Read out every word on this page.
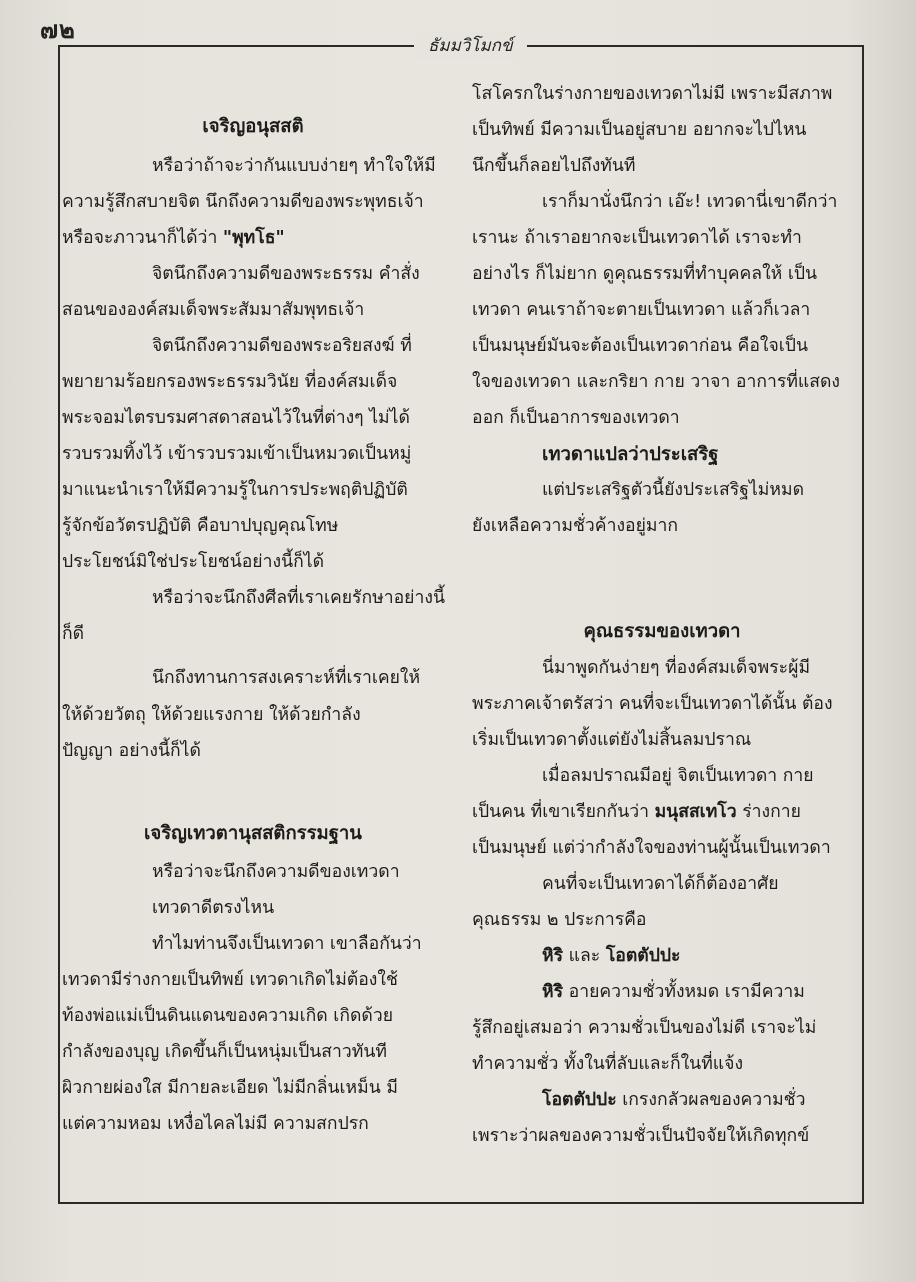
๗๒
ธัมมวิโมกข์
เจริญอนุสสติ
หรือว่าถ้าจะว่ากันแบบง่ายๆ ทำใจให้มี
ความรู้สึกสบายจิต นึกถึงความดีของพระพุทธเจ้า
หรือจะภาวนาก็ได้ว่า "พุทโธ"
จิตนึกถึงความดีของพระธรรม คำสั่ง
สอนขององค์สมเด็จพระสัมมาสัมพุทธเจ้า
จิตนึกถึงความดีของพระอริยสงฆ์ ที่
พยายามร้อยกรองพระธรรมวินัย ที่องค์สมเด็จ
พระจอมไตรบรมศาสดาสอนไว้ในที่ต่างๆ ไม่ได้
รวบรวมทิ้งไว้ เข้ารวบรวมเข้าเป็นหมวดเป็นหมู่
มาแนะนำเราให้มีความรู้ในการประพฤติปฏิบัติ
รู้จักข้อวัตรปฏิบัติ คือบาปบุญคุณโทษ
ประโยชน์มิใช่ประโยชน์อย่างนี้ก็ได้
หรือว่าจะนึกถึงศีลที่เราเคยรักษาอย่างนี้
ก็ดี
นึกถึงทานการสงเคราะห์ที่เราเคยให้
ให้ด้วยวัตถุ ให้ด้วยแรงกาย ให้ด้วยกำลัง
ปัญญา อย่างนี้ก็ได้
เจริญเทวตานุสสติกรรมฐาน
หรือว่าจะนึกถึงความดีของเทวดา
เทวดาดีตรงไหน
ทำไมท่านจึงเป็นเทวดา เขาลือกันว่า
เทวดามีร่างกายเป็นทิพย์ เทวดาเกิดไม่ต้องใช้
ท้องพ่อแม่เป็นดินแดนของความเกิด เกิดด้วย
กำลังของบุญ เกิดขึ้นก็เป็นหนุ่มเป็นสาวทันที
ผิวกายผ่องใส มีกายละเอียด ไม่มีกลิ่นเหม็น มี
แต่ความหอม เหงื่อไคลไม่มี ความสกปรก
โสโครกในร่างกายของเทวดาไม่มี เพราะมีสภาพ
เป็นทิพย์ มีความเป็นอยู่สบาย อยากจะไปไหน
นึกขึ้นก็ลอยไปถึงทันที
เราก็มานั่งนึกว่า เอ๊ะ! เทวดานี่เขาดีกว่า
เรานะ ถ้าเราอยากจะเป็นเทวดาได้ เราจะทำ
อย่างไร ก็ไม่ยาก ดูคุณธรรมที่ทำบุคคลให้ เป็น
เทวดา คนเราถ้าจะตายเป็นเทวดา แล้วก็เวลา
เป็นมนุษย์มันจะต้องเป็นเทวดาก่อน คือใจเป็น
ใจของเทวดา และกริยา กาย วาจา อาการที่แสดง
ออก ก็เป็นอาการของเทวดา
เทวดาแปลว่าประเสริฐ
แต่ประเสริฐตัวนี้ยังประเสริฐไม่หมด
ยังเหลือความชั่วค้างอยู่มาก
คุณธรรมของเทวดา
นี่มาพูดกันง่ายๆ ที่องค์สมเด็จพระผู้มี
พระภาคเจ้าตรัสว่า คนที่จะเป็นเทวดาได้นั้น ต้อง
เริ่มเป็นเทวดาตั้งแต่ยังไม่สิ้นลมปราณ
เมื่อลมปราณมีอยู่ จิตเป็นเทวดา กาย
เป็นคน ที่เขาเรียกกันว่า มนุสสเทโว ร่างกาย
เป็นมนุษย์ แต่ว่ากำลังใจของท่านผู้นั้นเป็นเทวดา
คนที่จะเป็นเทวดาได้ก็ต้องอาศัย
คุณธรรม ๒ ประการคือ
หิริ และ โอตตัปปะ
หิริ อายความชั่วทั้งหมด เรามีความ
รู้สึกอยู่เสมอว่า ความชั่วเป็นของไม่ดี เราจะไม่
ทำความชั่ว ทั้งในที่ลับและก็ในที่แจ้ง
โอตตัปปะ เกรงกลัวผลของความชั่ว
เพราะว่าผลของความชั่วเป็นปัจจัยให้เกิดทุกข์
